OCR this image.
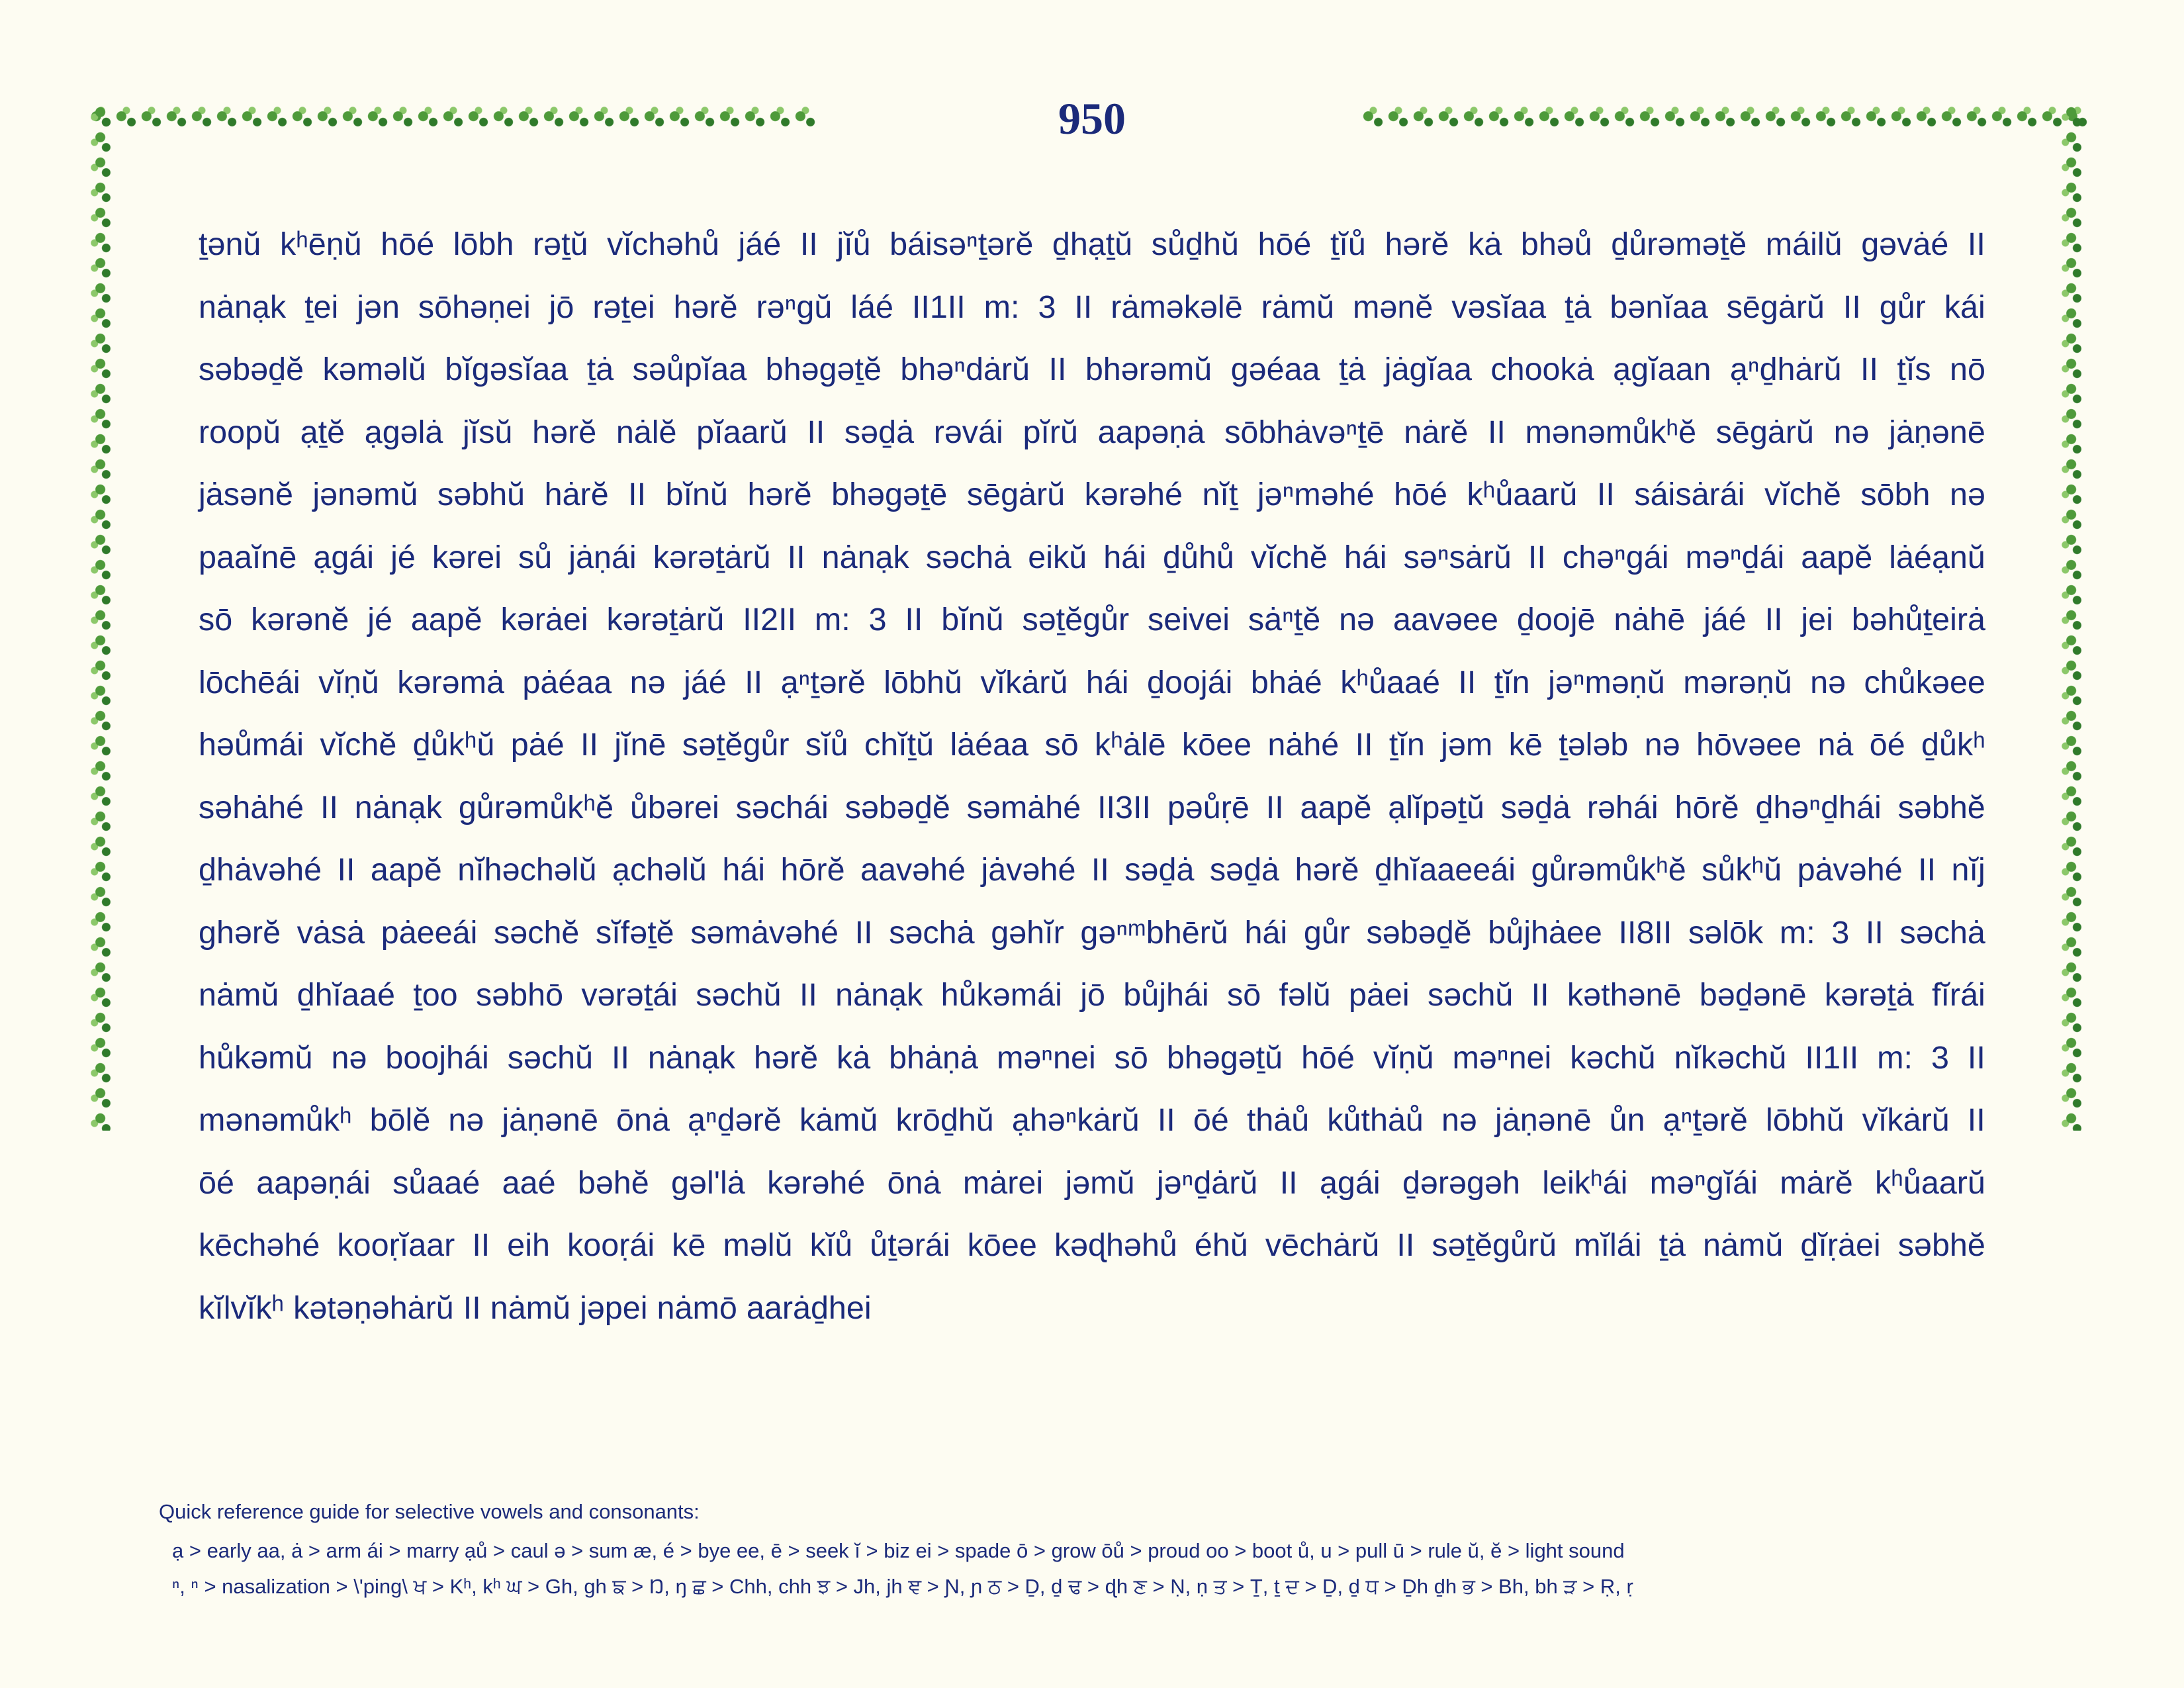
950
ṯənŭ kʰēṇŭ hōé lōbh rəṯŭ vĭchəhů jáé II jĭů báisəⁿṯərĕ ḏhạṯŭ sůḏhŭ hōé ṯĭů hərĕ kȧ bhəů ḏůrəməṯĕ máilŭ gəvȧé II
nȧnạk ṯei jən sōhəṇei jō rəṯei hərĕ rəⁿgŭ láé II1II m: 3 II rȧməkəlē rȧmŭ mənĕ vəsĭaa ṯȧ bənĭaa sēgȧrŭ II gůr kái
səbəḏĕ kəməlŭ bĭgəsĭaa ṯȧ səůpĭaa bhəgəṯĕ bhəⁿdȧrŭ II bhərəmŭ gəéaa ṯȧ jȧgĭaa chookȧ ạgĭaan ạⁿḏhȧrŭ II ṯĭs nō
roopŭ ạṯĕ ạgəlȧ jĭsŭ hərĕ nȧlĕ pĭaarŭ II səḏȧ rəvái pĭrŭ aapəṇȧ sōbhȧvəⁿṯē nȧrĕ II mənəmůkʰĕ sēgȧrŭ nə jȧṇənē
jȧsənĕ jənəmŭ səbhŭ hȧrĕ II bĭnŭ hərĕ bhəgəṯē sēgȧrŭ kərəhé nĭṯ jəⁿməhé hōé kʰůaarŭ II sáisȧrái vĭchĕ sōbh nə
paaĭnē ạgái jé kərei sů jȧṇái kərəṯȧrŭ II nȧnạk səchȧ eikŭ hái ḏůhů vĭchĕ hái səⁿsȧrŭ II chəⁿgái məⁿḏái aapĕ lȧéạnŭ
sō kərənĕ jé aapĕ kərȧei kərəṯȧrŭ II2II m: 3 II bĭnŭ səṯĕgůr seivei sȧⁿṯĕ nə aavəee ḏoojē nȧhē jáé II jei bəhůṯeirȧ
lōchēái vĭṇŭ kərəmȧ pȧéaa nə jáé II ạⁿṯərĕ lōbhŭ vĭkȧrŭ hái ḏoojái bhȧé kʰůaaé II ṯĭn jəⁿməṇŭ mərəṇŭ nə chůkəee
həůmái vĭchĕ ḏůkʰŭ pȧé II jĭnē səṯĕgůr sĭů chĭṯŭ lȧéaa sō kʰȧlē kōee nȧhé II ṯĭn jəm kē ṯələb nə hōvəee nȧ ōé ḏůkʰ
səhȧhé II nȧnạk gůrəmůkʰĕ ůbərei səchái səbəḏĕ səmȧhé II3II pəůṛē II aapĕ ạlĭpəṯŭ səḏȧ rəhái hōrĕ ḏhəⁿḏhái səbhĕ
ḏhȧvəhé II aapĕ nĭhəchəlŭ ạchəlŭ hái hōrĕ aavəhé jȧvəhé II səḏȧ səḏȧ hərĕ ḏhĭaaeeái gůrəmůkʰĕ sůkʰŭ pȧvəhé II nĭj
ghərĕ vȧsȧ pȧeeái səchĕ sĭfəṯĕ səmȧvəhé II səchȧ gəhĭr gəⁿᵐbhērŭ hái gůr səbəḏĕ bůjhȧee II8II səlōk m: 3 II səchȧ
nȧmŭ ḏhĭaaé ṯoo səbhō vərəṯái səchŭ II nȧnạk hůkəmái jō bůjhái sō fəlŭ pȧei səchŭ II kəthənē bəḏənē kərəṯȧ fĭrái
hůkəmŭ nə boojhái səchŭ II nȧnạk hərĕ kȧ bhȧṇȧ məⁿnei sō bhəgəṯŭ hōé vĭṇŭ məⁿnei kəchŭ nĭkəchŭ II1II m: 3 II
mənəmůkʰ bōlĕ nə jȧṇənē ōnȧ ạⁿḏərĕ kȧmŭ krōḏhŭ ạhəⁿkȧrŭ II ōé thȧů kůthȧů nə jȧṇənē ůn ạⁿṯərĕ lōbhŭ vĭkȧrŭ II
ōé aapəṇái sůaaé aaé bəhĕ gəl'lȧ kərəhé ōnȧ mȧrei jəmŭ jəⁿḏȧrŭ II ạgái ḏərəgəh leikʰái məⁿgĭái mȧrĕ kʰůaarŭ
kēchəhé kooṛĭaar II eih kooṛái kē məlŭ kĭů ůṯərái kōee kəɖhəhů éhŭ vēchȧrŭ II səṯĕgůrŭ mĭlái ṯȧ nȧmŭ ḏĭṛȧei səbhĕ
kĭlvĭkʰ kətəṇəhȧrŭ II nȧmŭ jəpei nȧmō aarȧḏhei
Quick reference guide for selective vowels and consonants:
ạ > early aa, ȧ > arm ái > marry ạů > caul ə > sum æ, é > bye ee, ē > seek ĭ > biz ei > spade ō > grow ōů > proud oo > boot ů, u > pull ū > rule ŭ, ĕ > light sound
ⁿ, ⁿ > nasalization > \'ping\ ਖ > Kʰ, kʰ ਘ > Gh, gh ਙ > Ŋ, ŋ ਛ > Chh, chh ਝ > Jh, jh ਞ > Ɲ, ɲ ਠ > Ḏ, ḏ ਢ > ɖh ਣ > Ṇ, ṇ ਤ > Ṯ, ṯ ਦ > Ḏ, ḏ ਧ > Ḏh ḏh ਭ > Bh, bh ੜ > Ṛ, ṛ
